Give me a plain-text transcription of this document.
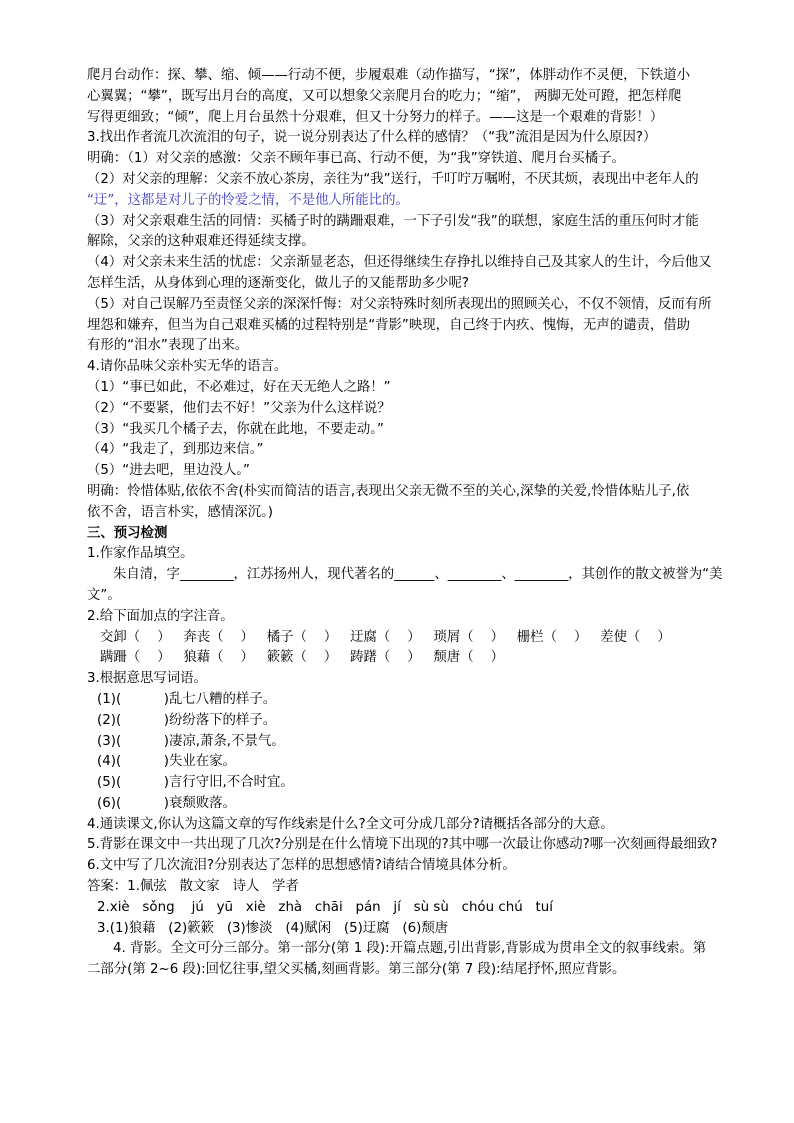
爬月台动作：探、攀、缩、倾——行动不便，步履艰难（动作描写，“探”，体胖动作不灵便，下铁道小
心翼翼；“攀”，既写出月台的高度，又可以想象父亲爬月台的吃力；“缩”， 两脚无处可蹬，把怎样爬
写得更细致；“倾”，爬上月台虽然十分艰难，但又十分努力的样子。——这是一个艰难的背影！）
3.找出作者流几次流泪的句子，说一说分别表达了什么样的感情？（“我”流泪是因为什么原因?）
明确：（1）对父亲的感激：父亲不顾年事已高、行动不便，为“我”穿铁道、爬月台买橘子。
（2）对父亲的理解：父亲不放心茶房，亲往为“我”送行，千叮咛万嘱咐，不厌其烦，表现出中老年人的
“迂”，这都是对儿子的怜爱之情，不是他人所能比的。
（3）对父亲艰难生活的同情：买橘子时的蹒跚艰难，一下子引发“我”的联想，家庭生活的重压何时才能
解除，父亲的这种艰难还得延续支撑。
（4）对父亲未来生活的忧虑：父亲渐显老态，但还得继续生存挣扎以维持自己及其家人的生计，今后他又
怎样生活，从身体到心理的逐渐变化，做儿子的又能帮助多少呢?
（5）对自己误解乃至责怪父亲的深深忏悔：对父亲特殊时刻所表现出的照顾关心，不仅不领情，反而有所
埋怨和嫌弃，但当为自己艰难买橘的过程特别是“背影”映现，自己终于内疚、愧悔，无声的谴责，借助
有形的“泪水”表现了出来。
4.请你品味父亲朴实无华的语言。
（1）“事已如此，不必难过，好在天无绝人之路！”
（2）“不要紧，他们去不好！”父亲为什么这样说？
（3）“我买几个橘子去，你就在此地，不要走动。”
（4）“我走了，到那边来信。”
（5）“进去吧，里边没人。”
明确：怜惜体贴,依依不舍(朴实而简洁的语言,表现出父亲无微不至的关心,深挚的关爱,怜惜体贴儿子,依
依不舍，语言朴实，感情深沉。)
三、预习检测
1.作家作品填空。
朱自清，字________，江苏扬州人，现代著名的______、________、________，其创作的散文被誉为“美
文”。
2.给下面加点的字注音。
交卸（    ）   奔丧（    ）   橘子（    ）   迂腐（    ）   琐屑（    ）   栅栏（    ）   差使（    ）
蹒跚（    ）   狼藉（    ）   簌簌（    ）   踌躇（    ）   颓唐（    ）
3.根据意思写词语。
(1)(          )乱七八糟的样子。
(2)(          )纷纷落下的样子。
(3)(          )凄凉,萧条,不景气。
(4)(          )失业在家。
(5)(          )言行守旧,不合时宜。
(6)(          )衰颓败落。
4.通读课文,你认为这篇文章的写作线索是什么?全文可分成几部分?请概括各部分的大意。
5.背影在课文中一共出现了几次?分别是在什么情境下出现的?其中哪一次最让你感动?哪一次刻画得最细致?
6.文中写了几次流泪?分别表达了怎样的思想感情?请结合情境具体分析。
答案：1.佩弦   散文家   诗人   学者
2.xiè   sǒng    jú   yū   xiè   zhà   chāi   pán   jí   sù sù   chóu chú   tuí
3.(1)狼藉   (2)簌簌   (3)惨淡   (4)赋闲   (5)迂腐   (6)颓唐
4. 背影。全文可分三部分。第一部分(第 1 段):开篇点题,引出背影,背影成为贯串全文的叙事线索。第
二部分(第 2~6 段):回忆往事,望父买橘,刻画背影。第三部分(第 7 段):结尾抒怀,照应背影。
